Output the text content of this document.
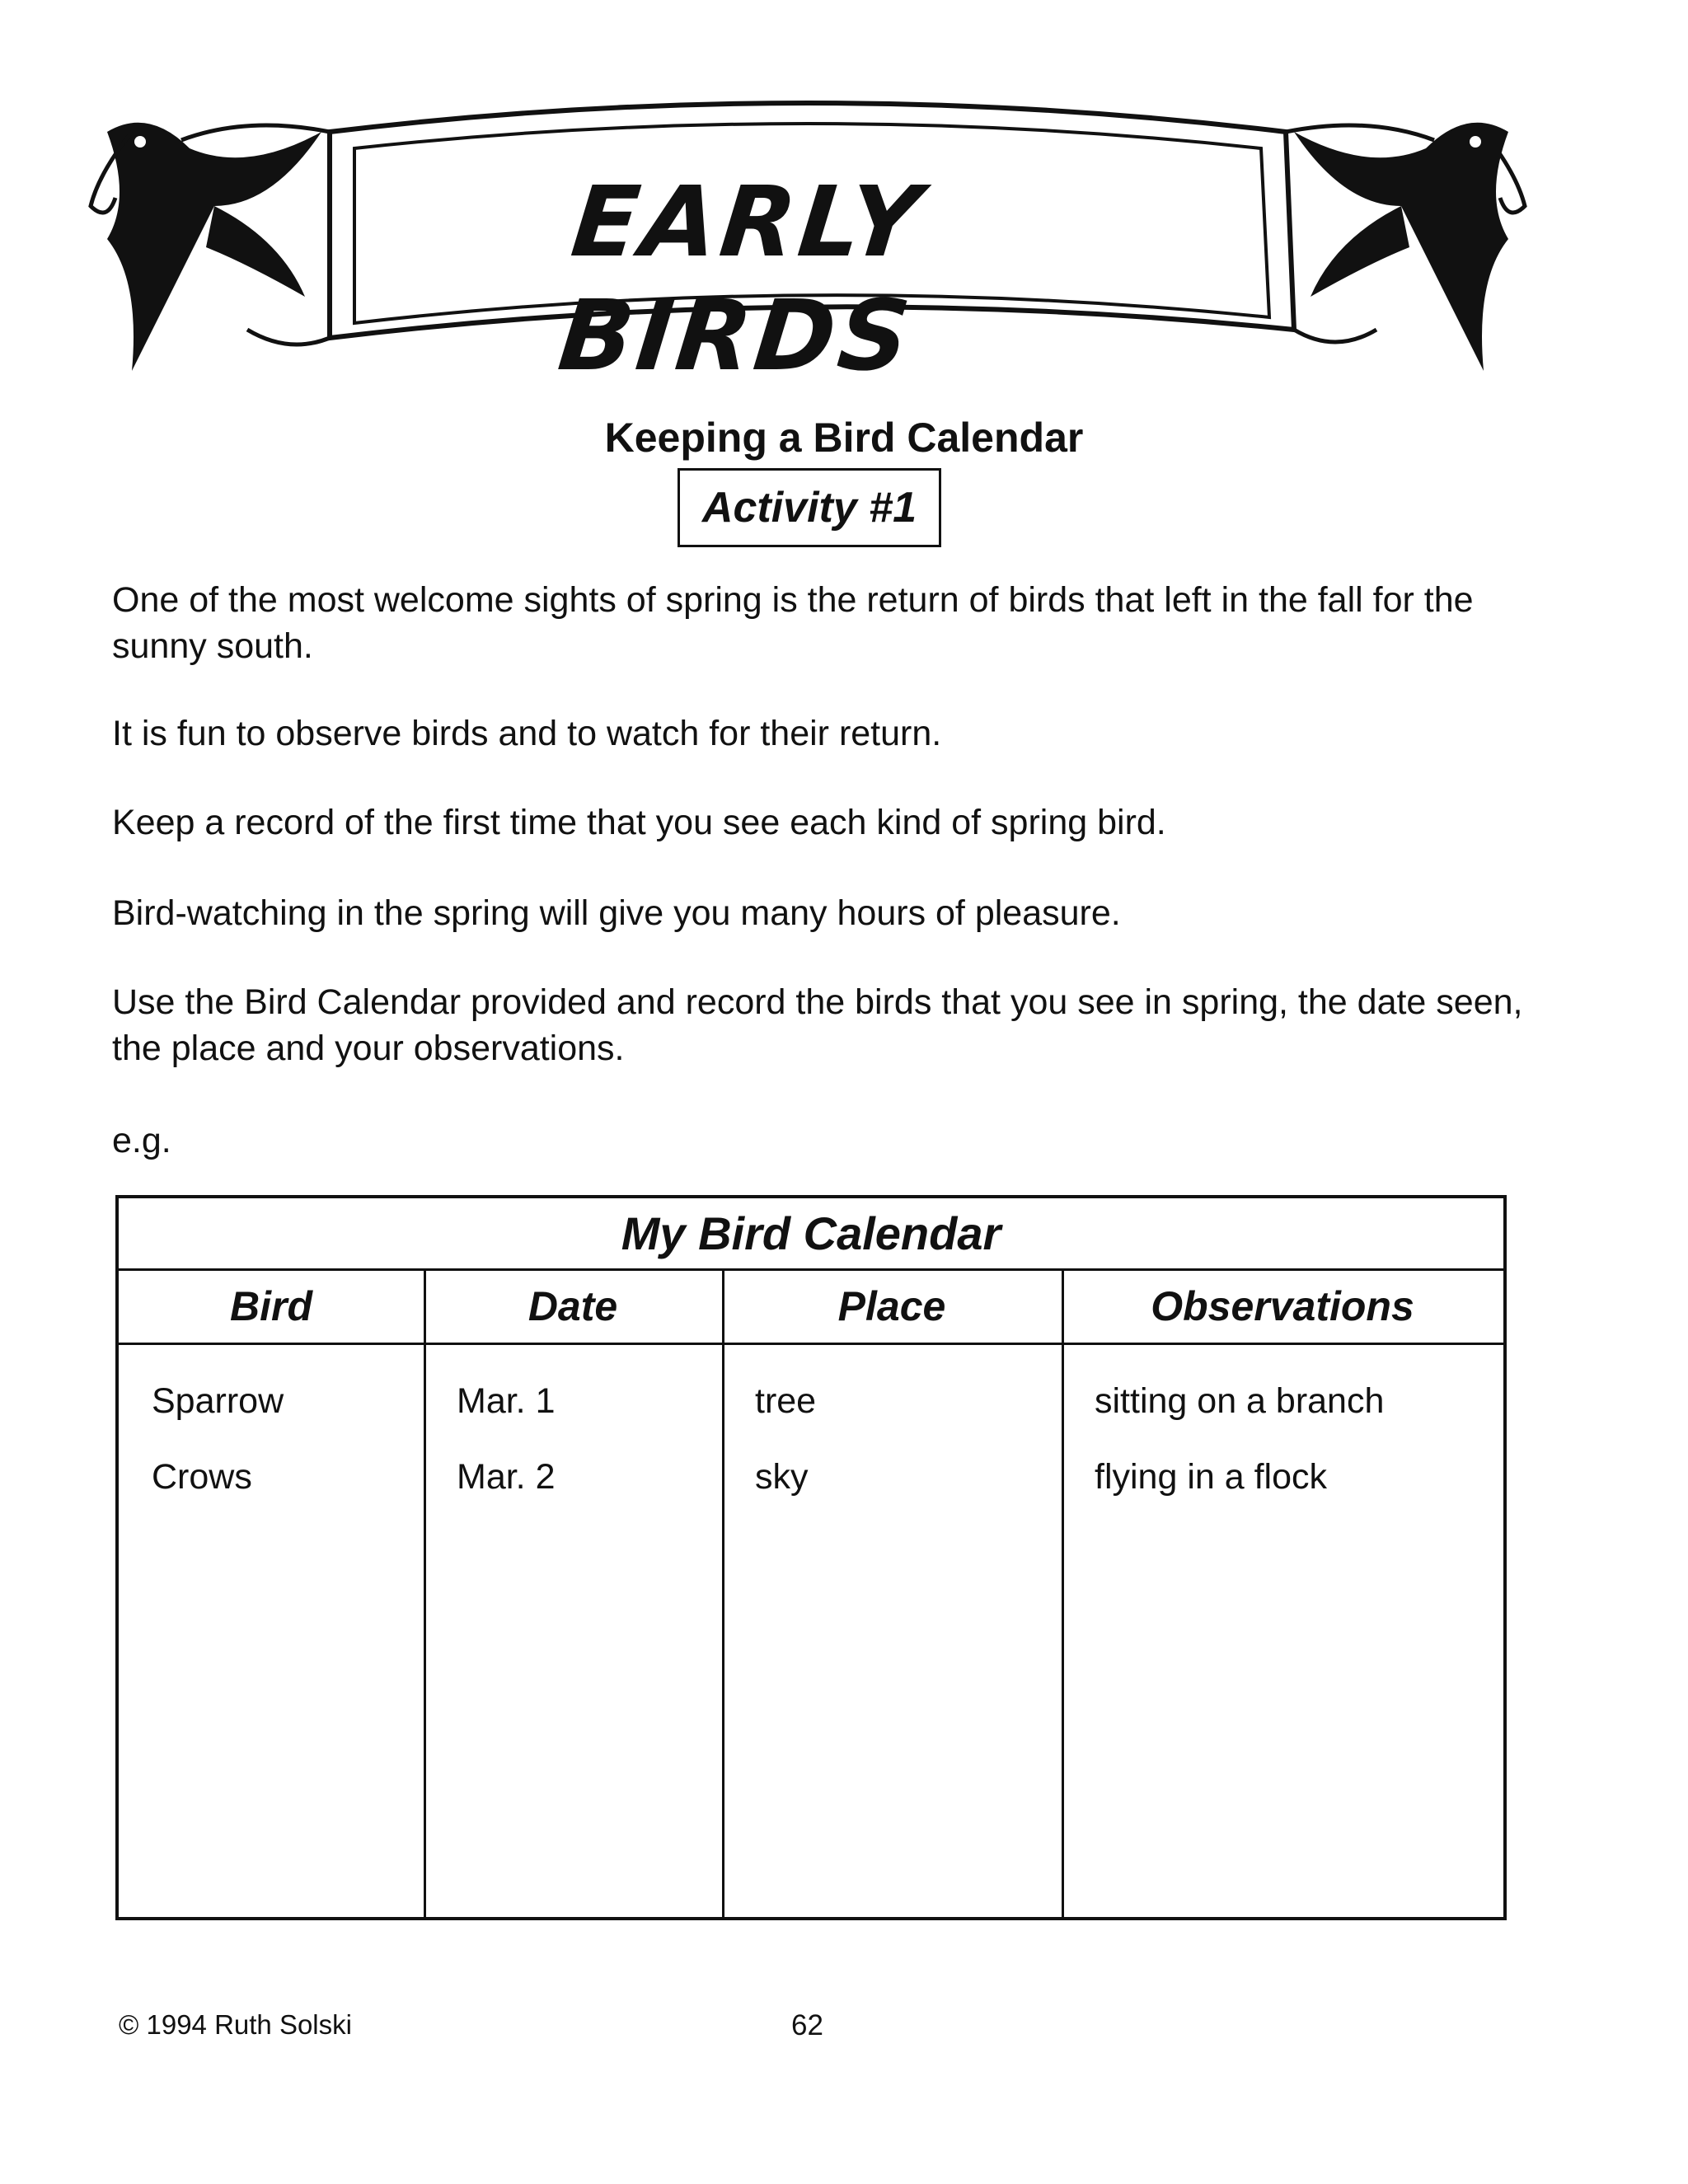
EARLY BIRDS
Keeping a Bird Calendar
Activity #1
One of the most welcome sights of spring is the return of birds that left in the fall for the sunny south.
It is fun to observe birds and to watch for their return.
Keep a record of the first time that you see each kind of spring bird.
Bird-watching in the spring will give you many hours of pleasure.
Use the Bird Calendar provided and record the birds that you see in spring, the date seen, the place and your observations.
e.g.
My Bird Calendar
Bird	Date	Place	Observations
Sparrow	Mar. 1	tree	sitting on a branch
Crows	Mar. 2	sky	flying in a flock
© 1994 Ruth Solski	62
